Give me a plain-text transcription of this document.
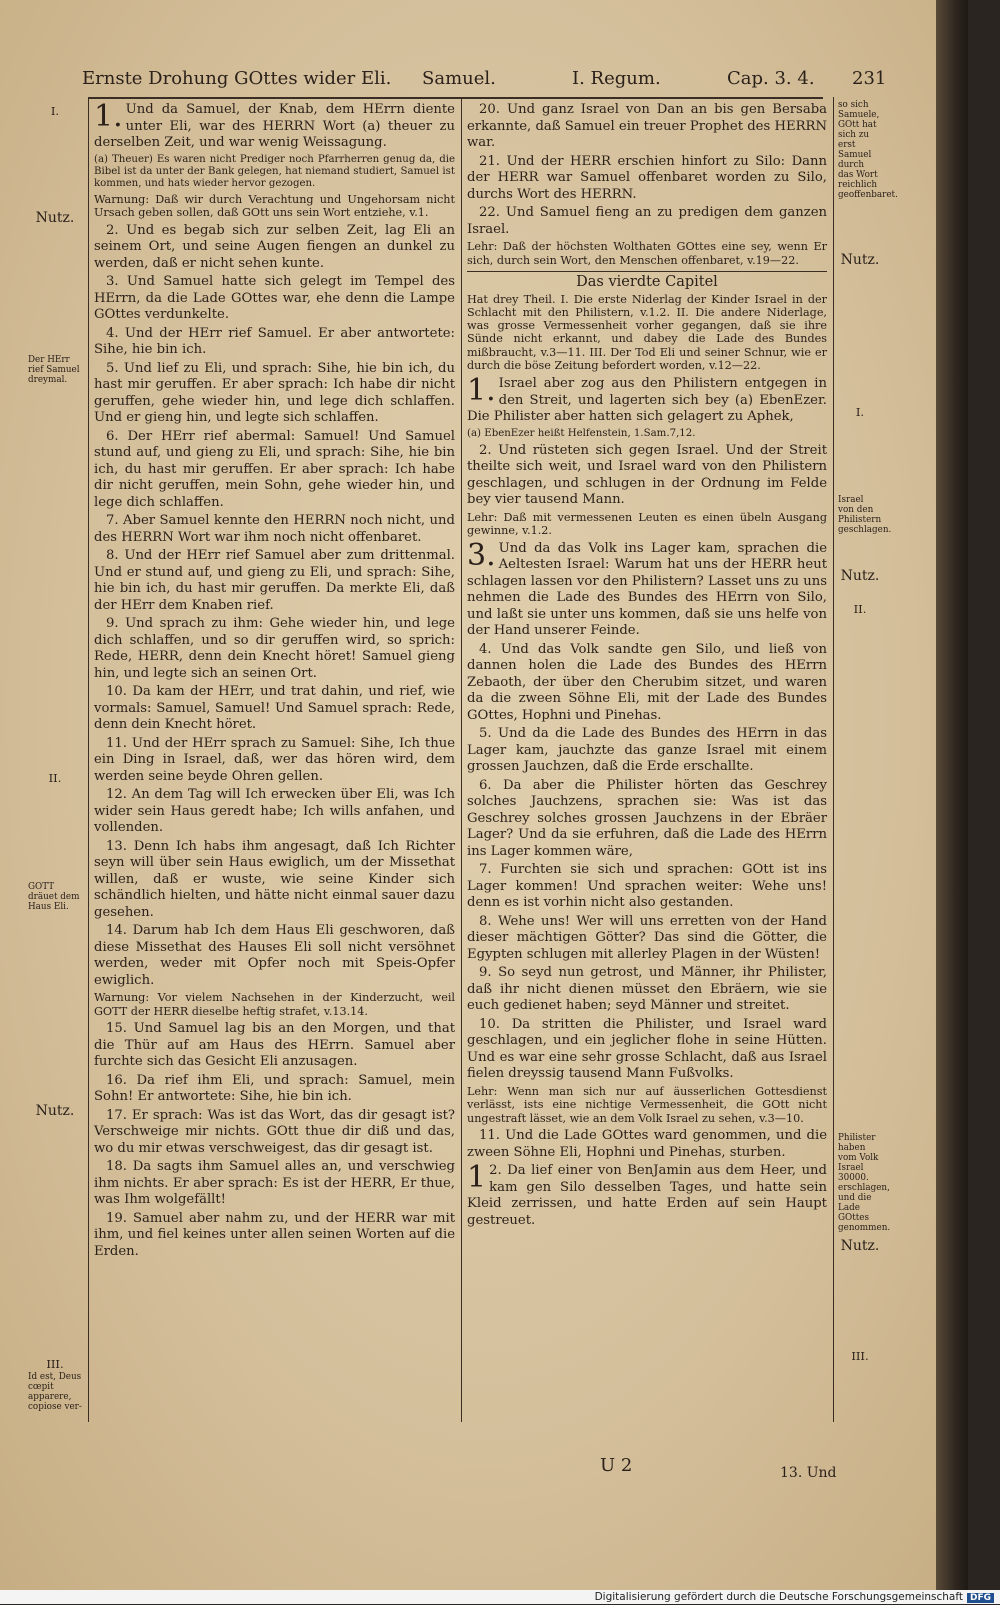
Ernste Drohung GOttes wider Eli. Samuel.	I. Regum.	Cap. 3. 4. 231

1.Und da Samuel, der Knab, dem HErrn diente unter Eli, war des HERRN Wort (a) theuer zu derselben Zeit, und war wenig Weissagung.

(a) Theuer) Es waren nicht Prediger noch Pfarrherren genug da, die Bibel ist da unter der Bank gelegen, hat niemand studiert, Samuel ist kommen, und hats wieder hervor gezogen.

Warnung: Daß wir durch Verachtung und Ungehorsam nicht Ursach geben sollen, daß GOtt uns sein Wort entziehe, v.1.

2. Und es begab sich zur selben Zeit, lag Eli an seinem Ort, und seine Augen fiengen an dunkel zu werden, daß er nicht sehen kunte.

3. Und Samuel hatte sich gelegt im Tempel des HErrn, da die Lade GOttes war, ehe denn die Lampe GOttes verdunkelte.

4. Und der HErr rief Samuel. Er aber antwortete: Sihe, hie bin ich.

5. Und lief zu Eli, und sprach: Sihe, hie bin ich, du hast mir geruffen. Er aber sprach: Ich habe dir nicht geruffen, gehe wieder hin, und lege dich schlaffen. Und er gieng hin, und legte sich schlaffen.

6. Der HErr rief abermal: Samuel! Und Samuel stund auf, und gieng zu Eli, und sprach: Sihe, hie bin ich, du hast mir geruffen. Er aber sprach: Ich habe dir nicht geruffen, mein Sohn, gehe wieder hin, und lege dich schlaffen.

7. Aber Samuel kennte den HERRN noch nicht, und des HERRN Wort war ihm noch nicht offenbaret.

8. Und der HErr rief Samuel aber zum drittenmal. Und er stund auf, und gieng zu Eli, und sprach: Sihe, hie bin ich, du hast mir geruffen. Da merkte Eli, daß der HErr dem Knaben rief.

9. Und sprach zu ihm: Gehe wieder hin, und lege dich schlaffen, und so dir geruffen wird, so sprich: Rede, HERR, denn dein Knecht höret! Samuel gieng hin, und legte sich an seinen Ort.

10. Da kam der HErr, und trat dahin, und rief, wie vormals: Samuel, Samuel! Und Samuel sprach: Rede, denn dein Knecht höret.

11. Und der HErr sprach zu Samuel: Sihe, Ich thue ein Ding in Israel, daß, wer das hören wird, dem werden seine beyde Ohren gellen.

12. An dem Tag will Ich erwecken über Eli, was Ich wider sein Haus geredt habe; Ich wills anfahen, und vollenden.

13. Denn Ich habs ihm angesagt, daß Ich Richter seyn will über sein Haus ewiglich, um der Missethat willen, daß er wuste, wie seine Kinder sich schändlich hielten, und hätte nicht einmal sauer dazu gesehen.

14. Darum hab Ich dem Haus Eli geschworen, daß diese Missethat des Hauses Eli soll nicht versöhnet werden, weder mit Opfer noch mit Speis-Opfer ewiglich.

Warnung: Vor vielem Nachsehen in der Kinderzucht, weil GOTT der HERR dieselbe heftig strafet, v.13.14.

15. Und Samuel lag bis an den Morgen, und that die Thür auf am Haus des HErrn. Samuel aber furchte sich das Gesicht Eli anzusagen.

16. Da rief ihm Eli, und sprach: Samuel, mein Sohn! Er antwortete: Sihe, hie bin ich.

17. Er sprach: Was ist das Wort, das dir gesagt ist? Verschweige mir nichts. GOtt thue dir diß und das, wo du mir etwas verschweigest, das dir gesagt ist.

18. Da sagts ihm Samuel alles an, und verschwieg ihm nichts. Er aber sprach: Es ist der HERR, Er thue, was Ihm wolgefällt!

19. Samuel aber nahm zu, und der HERR war mit ihm, und fiel keines unter allen seinen Worten auf die Erden.

20. Und ganz Israel von Dan an bis gen Bersaba erkannte, daß Samuel ein treuer Prophet des HERRN war.

21. Und der HERR erschien hinfort zu Silo: Dann der HERR war Samuel offenbaret worden zu Silo, durchs Wort des HERRN.

22. Und Samuel fieng an zu predigen dem ganzen Israel.

Lehr: Daß der höchsten Wolthaten GOttes eine sey, wenn Er sich, durch sein Wort, den Menschen offenbaret, v.19—22.

Das vierdte Capitel

Hat drey Theil. I. Die erste Niderlag der Kinder Israel in der Schlacht mit den Philistern, v.1.2. II. Die andere Niderlage, was grosse Vermessenheit vorher gegangen, daß sie ihre Sünde nicht erkannt, und dabey die Lade des Bundes mißbraucht, v.3—11. III. Der Tod Eli und seiner Schnur, wie er durch die böse Zeitung befordert worden, v.12—22.

1.Israel aber zog aus den Philistern entgegen in den Streit, und lagerten sich bey (a) EbenEzer. Die Philister aber hatten sich gelagert zu Aphek,

(a) EbenEzer heißt Helfenstein, 1.Sam.7,12.

2. Und rüsteten sich gegen Israel. Und der Streit theilte sich weit, und Israel ward von den Philistern geschlagen, und schlugen in der Ordnung im Felde bey vier tausend Mann.

Lehr: Daß mit vermessenen Leuten es einen übeln Ausgang gewinne, v.1.2.

3.Und da das Volk ins Lager kam, sprachen die Aeltesten Israel: Warum hat uns der HERR heut schlagen lassen vor den Philistern? Lasset uns zu uns nehmen die Lade des Bundes des HErrn von Silo, und laßt sie unter uns kommen, daß sie uns helfe von der Hand unserer Feinde.

4. Und das Volk sandte gen Silo, und ließ von dannen holen die Lade des Bundes des HErrn Zebaoth, der über den Cherubim sitzet, und waren da die zween Söhne Eli, mit der Lade des Bundes GOttes, Hophni und Pinehas.

5. Und da die Lade des Bundes des HErrn in das Lager kam, jauchzte das ganze Israel mit einem grossen Jauchzen, daß die Erde erschallte.

6. Da aber die Philister hörten das Geschrey solches Jauchzens, sprachen sie: Was ist das Geschrey solches grossen Jauchzens in der Ebräer Lager? Und da sie erfuhren, daß die Lade des HErrn ins Lager kommen wäre,

7. Furchten sie sich und sprachen: GOtt ist ins Lager kommen! Und sprachen weiter: Wehe uns! denn es ist vorhin nicht also gestanden.

8. Wehe uns! Wer will uns erretten von der Hand dieser mächtigen Götter? Das sind die Götter, die Egypten schlugen mit allerley Plagen in der Wüsten!

9. So seyd nun getrost, und Männer, ihr Philister, daß ihr nicht dienen müsset den Ebräern, wie sie euch gedienet haben; seyd Männer und streitet.

10. Da stritten die Philister, und Israel ward geschlagen, und ein jeglicher flohe in seine Hütten. Und es war eine sehr grosse Schlacht, daß aus Israel fielen dreyssig tausend Mann Fußvolks.

Lehr: Wenn man sich nur auf äusserlichen Gottesdienst verlässt, ists eine nichtige Vermessenheit, die GOtt nicht ungestraft lässet, wie an dem Volk Israel zu sehen, v.3—10.

11. Und die Lade GOttes ward genommen, und die zween Söhne Eli, Hophni und Pinehas, sturben.

12. Da lief einer von BenJamin aus dem Heer, und kam gen Silo desselben Tages, und hatte sein Kleid zerrissen, und hatte Erden auf sein Haupt gestreuet.

I.
Nutz.
Der HErr rief Samuel dreymal.
II.
GOTT dräuet dem Haus Eli.
Nutz.
III.
Id est, Deus cœpit apparere, copiose ver-
so sich Samuele, GOtt hat sich zu erst Samuel durch das Wort reichlich geoffenbaret.
Nutz.
I.
Israel von den Philistern geschlagen.
Nutz.
II.
Philister haben vom Volk Israel 30000. erschlagen, und die Lade GOttes genommen.
Nutz.
III.
U 2	13. Und
Digitalisierung gefördert durch die Deutsche Forschungsgemeinschaft DFG
